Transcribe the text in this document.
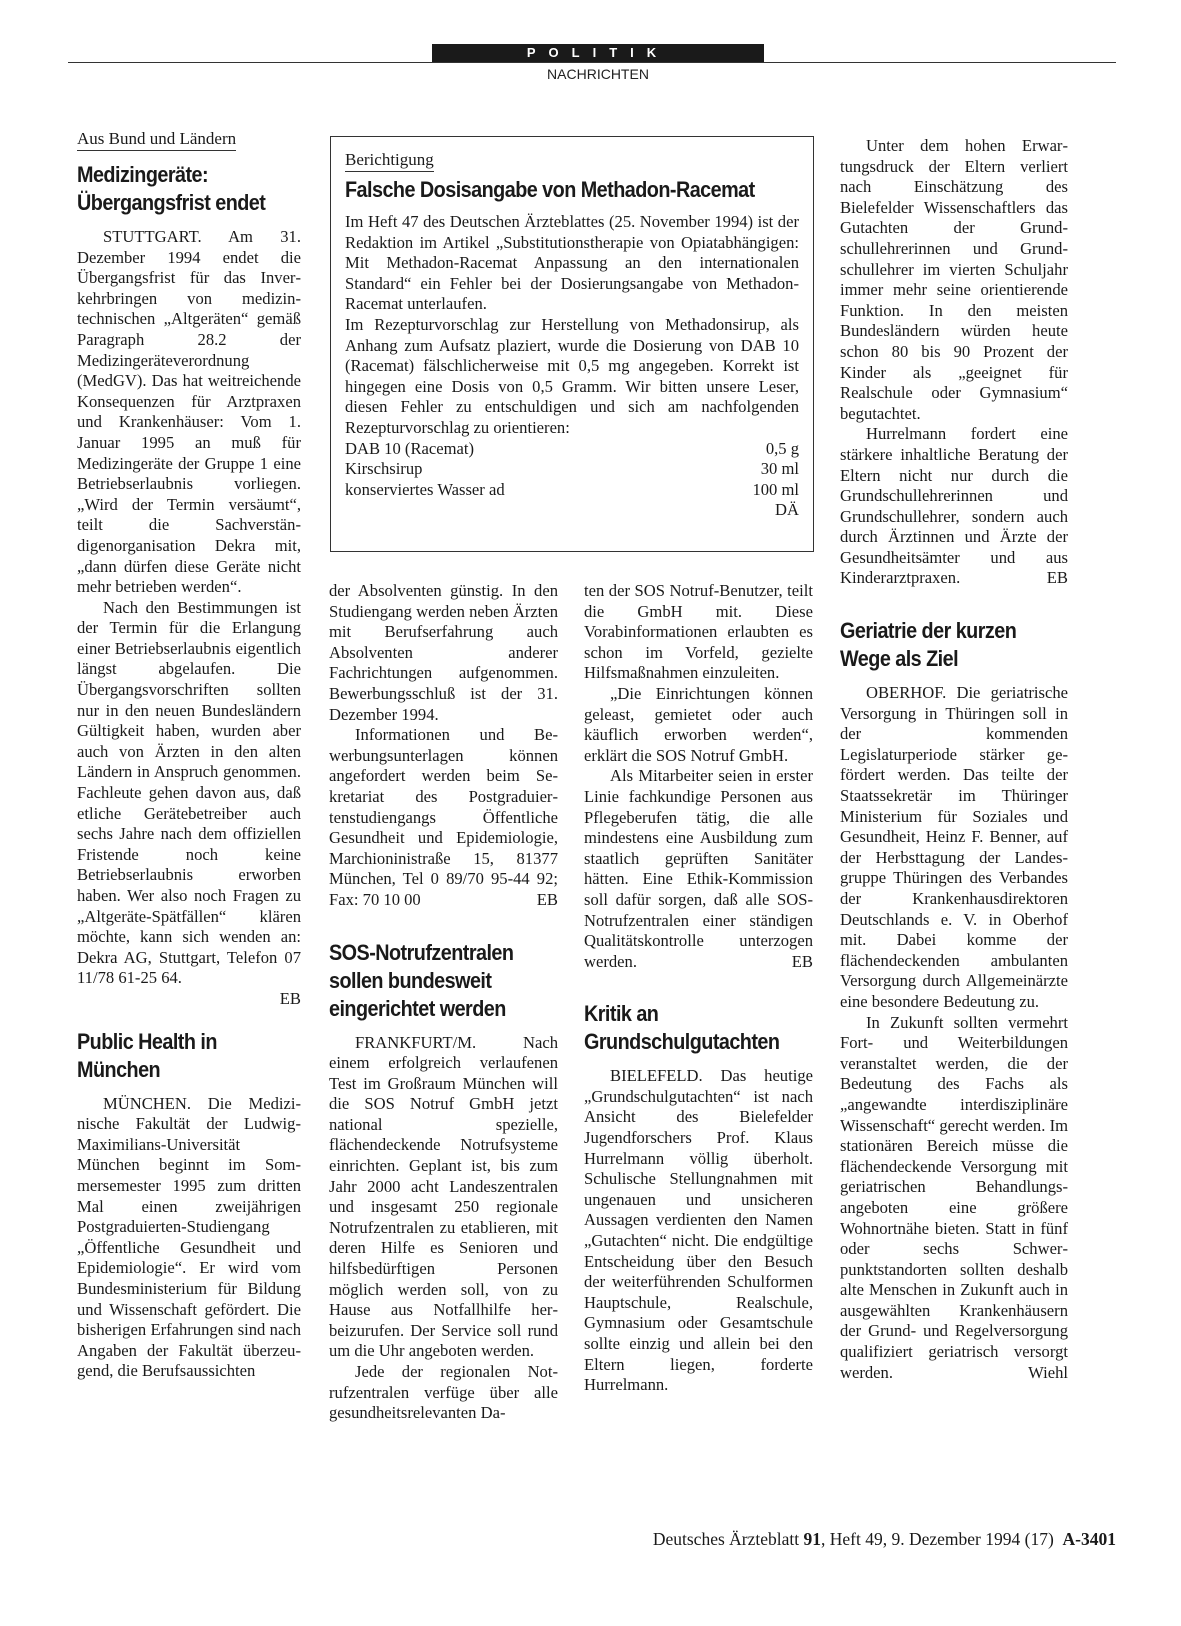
POLITIK
NACHRICHTEN
Aus Bund und Ländern
Medizingeräte:
Übergangsfrist endet

STUTTGART. Am 31. Dezember 1994 endet die Übergangsfrist für das Inverkehrbringen von medizintechnischen „Altgeräten“ gemäß Paragraph 28.2 der Medizingeräteverordnung (MedGV). Das hat weitreichende Konsequenzen für Arztpraxen und Krankenhäuser: Vom 1. Januar 1995 an muß für Medizingeräte der Gruppe 1 eine Betriebserlaubnis vorliegen. „Wird der Termin versäumt“, teilt die Sachverständigenorganisation Dekra mit, „dann dürfen diese Geräte nicht mehr betrieben werden“.

Nach den Bestimmungen ist der Termin für die Erlangung einer Betriebserlaubnis eigentlich längst abgelaufen. Die Übergangsvorschriften sollten nur in den neuen Bundesländern Gültigkeit haben, wurden aber auch von Ärzten in den alten Ländern in Anspruch genommen. Fachleute gehen davon aus, daß etliche Gerätebetreiber auch sechs Jahre nach dem offiziellen Fristende noch keine Betriebserlaubnis erworben haben. Wer also noch Fragen zu „Altgeräte-Spätfällen“ klären möchte, kann sich wenden an: Dekra AG, Stuttgart, Telefon 07 11/78 61-25 64.

EB
Public Health in
München

MÜNCHEN. Die Medizinische Fakultät der Ludwig-Maximilians-Universität München beginnt im Sommersemester 1995 zum dritten Mal einen zweijährigen Postgraduierten-Studiengang „Öffentliche Gesundheit und Epidemiologie“. Er wird vom Bundesministerium für Bildung und Wissenschaft gefördert. Die bisherigen Erfahrungen sind nach Angaben der Fakultät überzeugend, die Berufsaussichten

Berichtigung
Falsche Dosisangabe von Methadon-Racemat

Im Heft 47 des Deutschen Ärzteblattes (25. November 1994) ist der Redaktion im Artikel „Substitutionstherapie von Opiatabhängigen: Mit Methadon-Racemat Anpassung an den internationalen Standard“ ein Fehler bei der Dosierungsangabe von Methadon-Racemat unterlaufen.

Im Rezepturvorschlag zur Herstellung von Methadonsirup, als Anhang zum Aufsatz plaziert, wurde die Dosierung von DAB 10 (Racemat) fälschlicherweise mit 0,5 mg angegeben. Korrekt ist hingegen eine Dosis von 0,5 Gramm. Wir bitten unsere Leser, diesen Fehler zu entschuldigen und sich am nachfolgenden Rezepturvorschlag zu orientieren:

DAB 10 (Racemat)	0,5 g
Kirschsirup	30 ml
konserviertes Wasser ad	100 ml
DÄ

der Absolventen günstig. In den Studiengang werden neben Ärzten mit Berufserfahrung auch Absolventen anderer Fachrichtungen aufgenommen. Bewerbungsschluß ist der 31. Dezember 1994.

Informationen und Bewerbungsunterlagen können angefordert werden beim Sekretariat des Postgraduiertenstudiengangs Öffentliche Gesundheit und Epidemiologie, Marchioninistraße 15, 81377 München, Tel 0 89/70 95-44 92; Fax: 70 10 00	EB

SOS-Notrufzentralen
sollen bundesweit
eingerichtet werden

FRANKFURT/M. Nach einem erfolgreich verlaufenen Test im Großraum München will die SOS Notruf GmbH jetzt national spezielle, flächendeckende Notrufsysteme einrichten. Geplant ist, bis zum Jahr 2000 acht Landeszentralen und insgesamt 250 regionale Notrufzentralen zu etablieren, mit deren Hilfe es Senioren und hilfsbedürftigen Personen möglich werden soll, von zu Hause aus Notfallhilfe herbeizurufen. Der Service soll rund um die Uhr angeboten werden.

Jede der regionalen Notrufzentralen verfüge über alle gesundheitsrelevanten Da-

ten der SOS Notruf-Benutzer, teilt die GmbH mit. Diese Vorabinformationen erlaubten es schon im Vorfeld, gezielte Hilfsmaßnahmen einzuleiten.

„Die Einrichtungen können geleast, gemietet oder auch käuflich erworben werden“, erklärt die SOS Notruf GmbH.

Als Mitarbeiter seien in erster Linie fachkundige Personen aus Pflegeberufen tätig, die alle mindestens eine Ausbildung zum staatlich geprüften Sanitäter hätten. Eine Ethik-Kommission soll dafür sorgen, daß alle SOS-Notrufzentralen einer ständigen Qualitätskontrolle unterzogen werden.	EB

Kritik an
Grundschulgutachten

BIELEFELD. Das heutige „Grundschulgutachten“ ist nach Ansicht des Bielefelder Jugendforschers Prof. Klaus Hurrelmann völlig überholt. Schulische Stellungnahmen mit ungenauen und unsicheren Aussagen verdienten den Namen „Gutachten“ nicht. Die endgültige Entscheidung über den Besuch der weiterführenden Schulformen Hauptschule, Realschule, Gymnasium oder Gesamtschule sollte einzig und allein bei den Eltern liegen, forderte Hurrelmann.

Unter dem hohen Erwartungsdruck der Eltern verliert nach Einschätzung des Bielefelder Wissenschaftlers das Gutachten der Grundschullehrerinnen und Grundschullehrer im vierten Schuljahr immer mehr seine orientierende Funktion. In den meisten Bundesländern würden heute schon 80 bis 90 Prozent der Kinder als „geeignet für Realschule oder Gymnasium“ begutachtet.

Hurrelmann fordert eine stärkere inhaltliche Beratung der Eltern nicht nur durch die Grundschullehrerinnen und Grundschullehrer, sondern auch durch Ärztinnen und Ärzte der Gesundheitsämter und aus Kinderarztpraxen.	EB

Geriatrie der kurzen
Wege als Ziel

OBERHOF. Die geriatrische Versorgung in Thüringen soll in der kommenden Legislaturperiode stärker gefördert werden. Das teilte der Staatssekretär im Thüringer Ministerium für Soziales und Gesundheit, Heinz F. Benner, auf der Herbsttagung der Landesgruppe Thüringen des Verbandes der Krankenhausdirektoren Deutschlands e. V. in Oberhof mit. Dabei komme der flächendeckenden ambulanten Versorgung durch Allgemeinärzte eine besondere Bedeutung zu.

In Zukunft sollten vermehrt Fort- und Weiterbildungen veranstaltet werden, die der Bedeutung des Fachs als „angewandte interdisziplinäre Wissenschaft“ gerecht werden. Im stationären Bereich müsse die flächendeckende Versorgung mit geriatrischen Behandlungsangeboten eine größere Wohnortnähe bieten. Statt in fünf oder sechs Schwerpunktstandorten sollten deshalb alte Menschen in Zukunft auch in ausgewählten Krankenhäusern der Grund- und Regelversorgung qualifiziert geriatrisch versorgt werden.	Wiehl

Deutsches Ärzteblatt 91, Heft 49, 9. Dezember 1994 (17) A-3401
